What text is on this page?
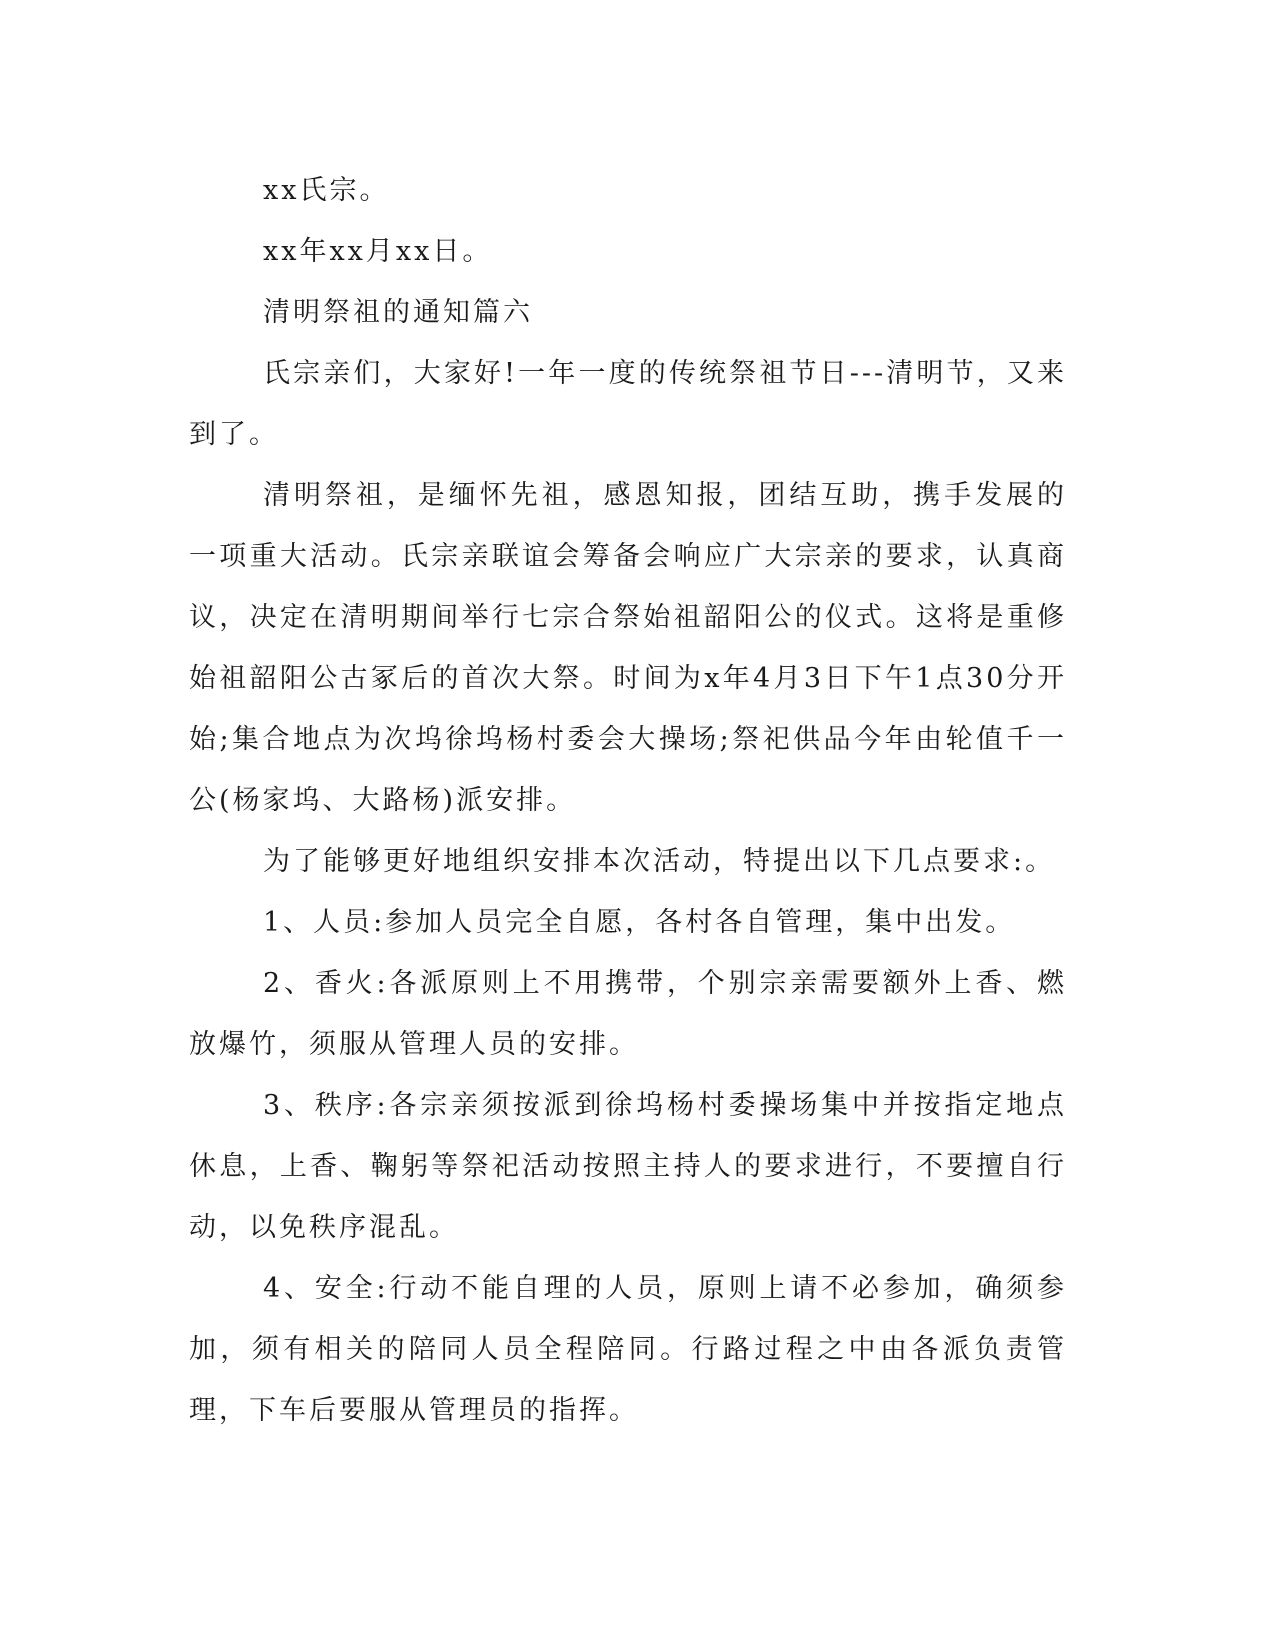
xx氏宗。

xx年xx月xx日。

清明祭祖的通知篇六

氏宗亲们，大家好!一年一度的传统祭祖节日---清明节，又来到了。

清明祭祖，是缅怀先祖，感恩知报，团结互助，携手发展的一项重大活动。氏宗亲联谊会筹备会响应广大宗亲的要求，认真商议，决定在清明期间举行七宗合祭始祖韶阳公的仪式。这将是重修始祖韶阳公古冢后的首次大祭。时间为x年4月3日下午1点30分开始;集合地点为次坞徐坞杨村委会大操场;祭祀供品今年由轮值千一公(杨家坞、大路杨)派安排。

为了能够更好地组织安排本次活动，特提出以下几点要求:。

1、人员:参加人员完全自愿，各村各自管理，集中出发。

2、香火:各派原则上不用携带，个别宗亲需要额外上香、燃放爆竹，须服从管理人员的安排。

3、秩序:各宗亲须按派到徐坞杨村委操场集中并按指定地点休息，上香、鞠躬等祭祀活动按照主持人的要求进行，不要擅自行动，以免秩序混乱。

4、安全:行动不能自理的人员，原则上请不必参加，确须参加，须有相关的陪同人员全程陪同。行路过程之中由各派负责管理，下车后要服从管理员的指挥。
